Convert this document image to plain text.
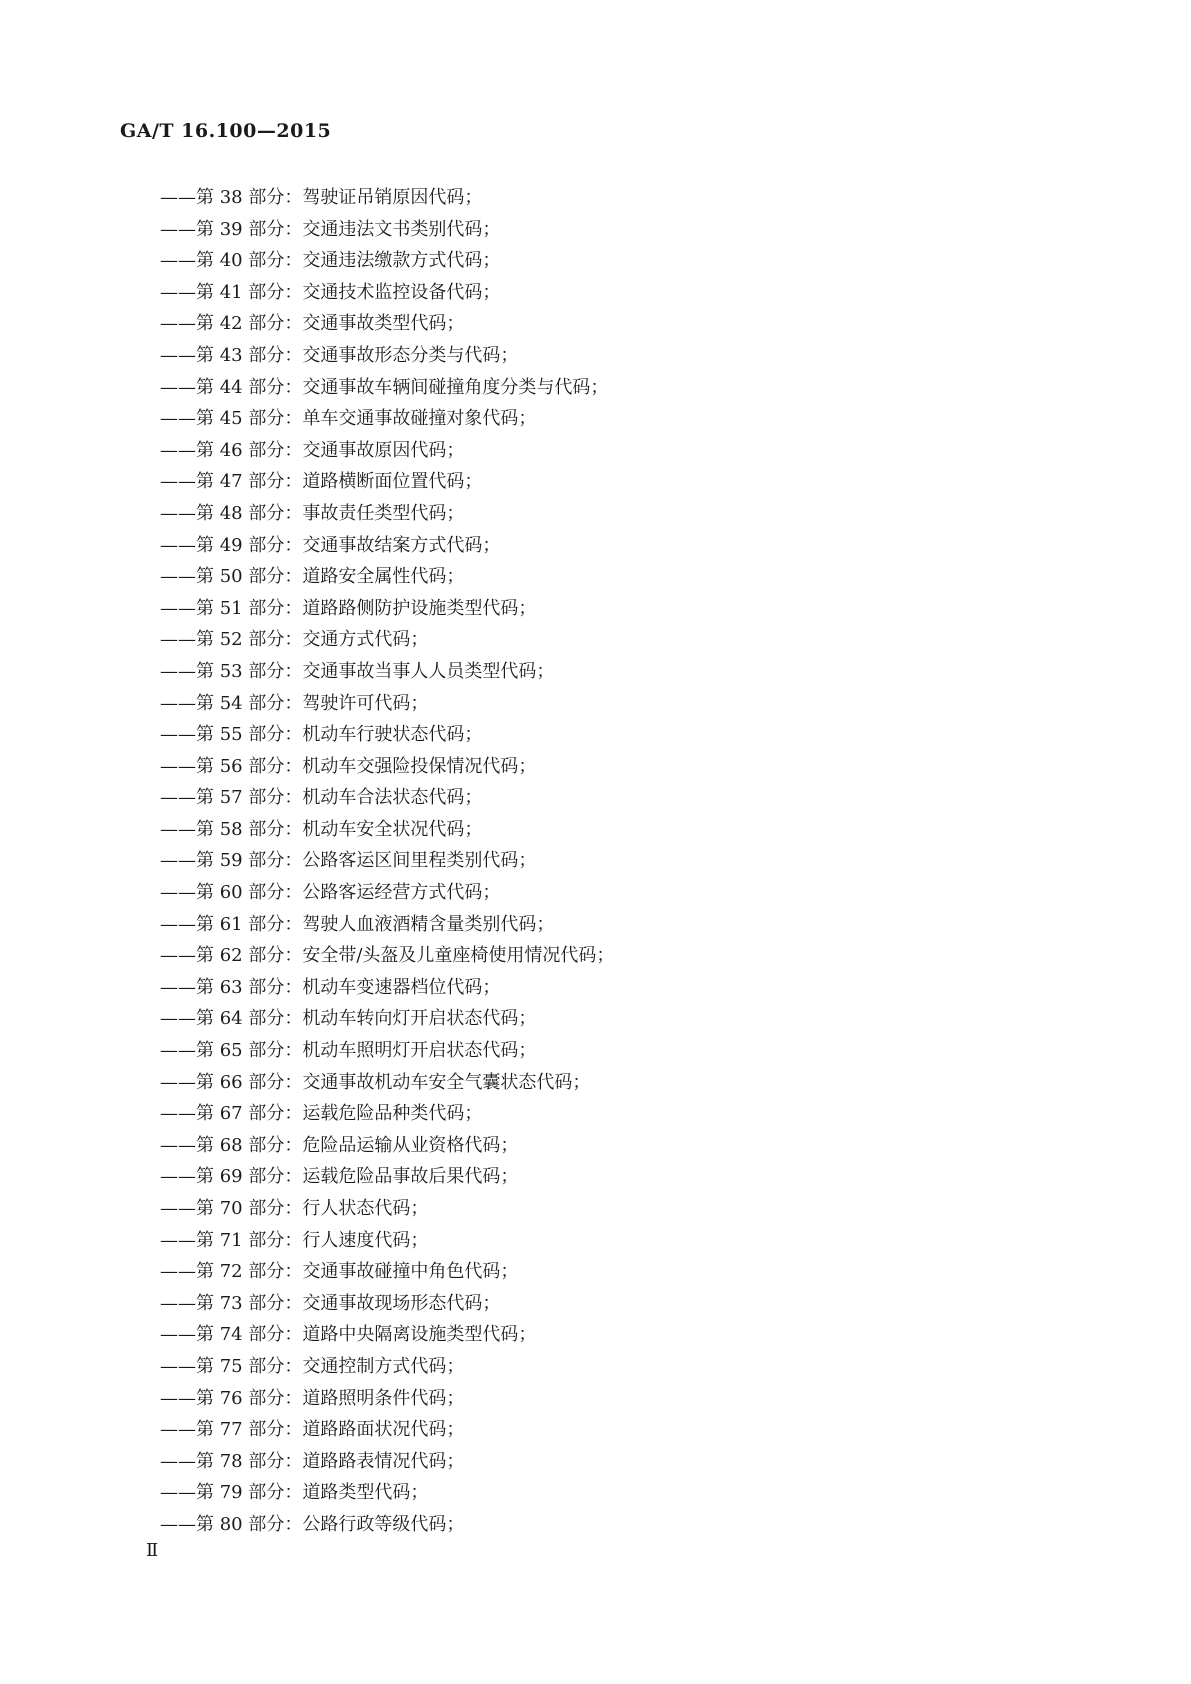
GA/T 16.100—2015
——第 38 部分：驾驶证吊销原因代码；
——第 39 部分：交通违法文书类别代码；
——第 40 部分：交通违法缴款方式代码；
——第 41 部分：交通技术监控设备代码；
——第 42 部分：交通事故类型代码；
——第 43 部分：交通事故形态分类与代码；
——第 44 部分：交通事故车辆间碰撞角度分类与代码；
——第 45 部分：单车交通事故碰撞对象代码；
——第 46 部分：交通事故原因代码；
——第 47 部分：道路横断面位置代码；
——第 48 部分：事故责任类型代码；
——第 49 部分：交通事故结案方式代码；
——第 50 部分：道路安全属性代码；
——第 51 部分：道路路侧防护设施类型代码；
——第 52 部分：交通方式代码；
——第 53 部分：交通事故当事人人员类型代码；
——第 54 部分：驾驶许可代码；
——第 55 部分：机动车行驶状态代码；
——第 56 部分：机动车交强险投保情况代码；
——第 57 部分：机动车合法状态代码；
——第 58 部分：机动车安全状况代码；
——第 59 部分：公路客运区间里程类别代码；
——第 60 部分：公路客运经营方式代码；
——第 61 部分：驾驶人血液酒精含量类别代码；
——第 62 部分：安全带/头盔及儿童座椅使用情况代码；
——第 63 部分：机动车变速器档位代码；
——第 64 部分：机动车转向灯开启状态代码；
——第 65 部分：机动车照明灯开启状态代码；
——第 66 部分：交通事故机动车安全气囊状态代码；
——第 67 部分：运载危险品种类代码；
——第 68 部分：危险品运输从业资格代码；
——第 69 部分：运载危险品事故后果代码；
——第 70 部分：行人状态代码；
——第 71 部分：行人速度代码；
——第 72 部分：交通事故碰撞中角色代码；
——第 73 部分：交通事故现场形态代码；
——第 74 部分：道路中央隔离设施类型代码；
——第 75 部分：交通控制方式代码；
——第 76 部分：道路照明条件代码；
——第 77 部分：道路路面状况代码；
——第 78 部分：道路路表情况代码；
——第 79 部分：道路类型代码；
——第 80 部分：公路行政等级代码；
Ⅱ
